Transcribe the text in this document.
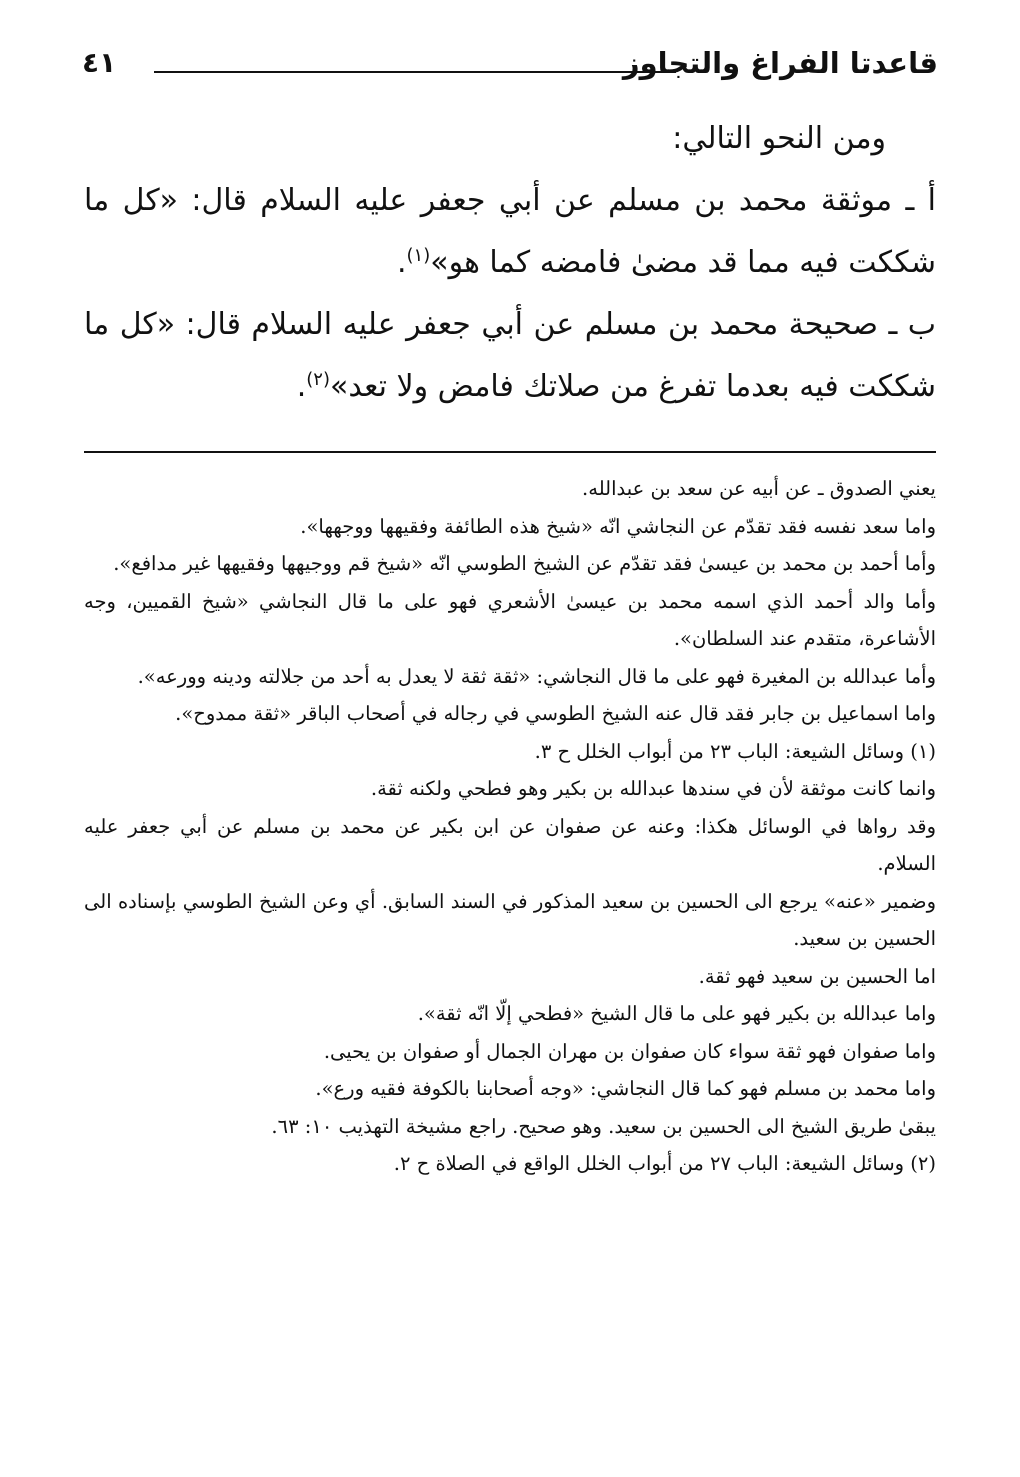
قاعدتا الفراغ والتجاوز
٤١

ومن النحو التالي:

أ ـ موثقة محمد بن مسلم عن أبي جعفر عليه السلام قال: «كل ما شككت فيه مما قد مضىٰ فامضه كما هو»$^{(١)}$.

ب ـ صحيحة محمد بن مسلم عن أبي جعفر عليه السلام قال: «كل ما شككت فيه بعدما تفرغ من صلاتك فامض ولا تعد»$^{(٢)}$.

يعني الصدوق ـ عن أبيه عن سعد بن عبدالله.

واما سعد نفسه فقد تقدّم عن النجاشي انّه «شيخ هذه الطائفة وفقيهها ووجهها».

وأما أحمد بن محمد بن عيسىٰ فقد تقدّم عن الشيخ الطوسي انّه «شيخ قم ووجيهها وفقيهها غير مدافع».

وأما والد أحمد الذي اسمه محمد بن عيسىٰ الأشعري فهو على ما قال النجاشي «شيخ القميين، وجه الأشاعرة، متقدم عند السلطان».

وأما عبدالله بن المغيرة فهو على ما قال النجاشي: «ثقة ثقة لا يعدل به أحد من جلالته ودينه وورعه».

واما اسماعيل بن جابر فقد قال عنه الشيخ الطوسي في رجاله في أصحاب الباقر «ثقة ممدوح».

(١) وسائل الشيعة: الباب ٢٣ من أبواب الخلل ح ٣.

وانما كانت موثقة لأن في سندها عبدالله بن بكير وهو فطحي ولكنه ثقة.

وقد رواها في الوسائل هكذا: وعنه عن صفوان عن ابن بكير عن محمد بن مسلم عن أبي جعفر عليه السلام.

وضمير «عنه» يرجع الى الحسين بن سعيد المذكور في السند السابق. أي وعن الشيخ الطوسي بإسناده الى الحسين بن سعيد.

اما الحسين بن سعيد فهو ثقة.

واما عبدالله بن بكير فهو على ما قال الشيخ «فطحي إلّا انّه ثقة».

واما صفوان فهو ثقة سواء كان صفوان بن مهران الجمال أو صفوان بن يحيى.

واما محمد بن مسلم فهو كما قال النجاشي: «وجه أصحابنا بالكوفة فقيه ورع».

يبقىٰ طريق الشيخ الى الحسين بن سعيد. وهو صحيح. راجع مشيخة التهذيب ١٠: ٦٣.

(٢) وسائل الشيعة: الباب ٢٧ من أبواب الخلل الواقع في الصلاة ح ٢.
